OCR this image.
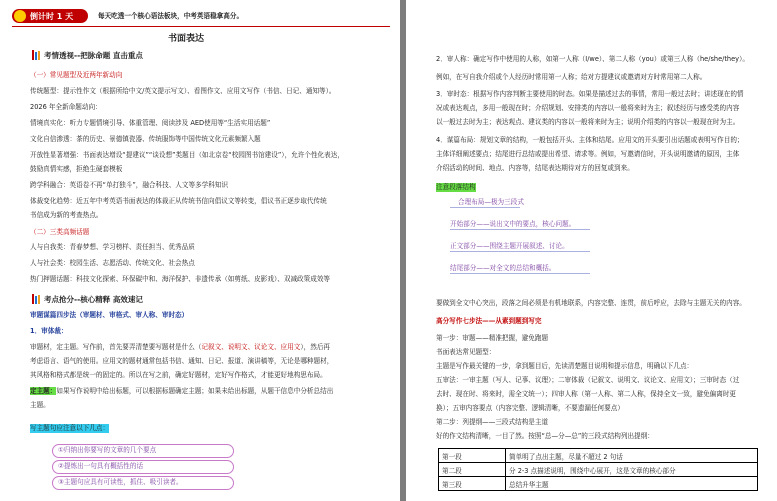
倒计时 1 天	每天吃透一个核心语法板块，中考英语稳拿高分。
书面表达
考情透视--把脉命题 直击重点
（一）常见题型及近两年新动向
传统题型：提示性作文（根据所给中文/英文提示写文）、看图作文、应用文写作（书信、日记、通知等）。
2026 年全新命题动向：
情境真实化：听力专题情境引导、体重管理、阅读涉及 AED使用等“生活实用话题”
文化自信渗透：茶的历史、景德镇瓷器、传统服饰等中国传统文化元素频繁入题
开放性显著增强：书面表达增设“提建议”“谈设想”类题目（如北京卷“校园图书馆建设”），允许个性化表达，
鼓励真情实感，拒绝生硬套模板
跨学科融合：英语卷不再“单打独斗”，融合科技、人文等多学科知识
体裁变化趋势：近五年中考英语书面表达的体裁正从传统书信向倡议文等转变，倡议书正逐步取代传统
书信成为新的考查热点。
（二）三类高频话题
人与自我类：青春梦想、学习榜样、责任担当、优秀品质
人与社会类：校园生活、志愿活动、传统文化、社会热点
热门押题话题：科技文化探索、环保碳中和、海洋保护、非遗传承（如剪纸、皮影戏）、双减政策成效等
考点抢分--核心精释 高效速记
审题谋篇四步法（审题材、审格式、审人称、审时态）
1．审体裁：
审题材，定主题。写作前，首先要弄清楚要写题材是什么（记叙文、说明文、议论文、应用文），然后再
考虑语言、语气的使用。应用文的题材通常包括书信、通知、日记、报道、演讲稿等，无论是哪种题材，
其风格和格式都是统一的固定的。所以在写之前，确定好题材，定好写作格式，才能更好地构思布局。
定主题：如果写作说明中给出标题，可以根据标题确定主题；如果未给出标题，从题干信息中分析总结出
主题。
写主题句应注意以下几点：
①归纳出你要写的文章的几个要点
②提炼出一句具有概括性的话
③主题句应具有可读性，抓住、吸引读者。
2．审人称：确定写作中使用的人称，如第一人称（I/we）、第二人称（you）或第三人称（he/she/they）。
例如，在写自我介绍或个人经历时常用第一人称；给对方提建议或邀请对方时常用第二人称。
3．审时态：根据写作内容判断主要使用的时态。如果是描述过去的事情，常用一般过去时；讲述现在的情
况或表达观点，多用一般现在时；介绍规划、安排类的内容以一般将来时为主；叙述经历与感受类的内容
以一般过去时为主；表达观点、建议类的内容以一般将来时为主；说明介绍类的内容以一般现在时为主。
4．谋篇布局：规划文章的结构，一般包括开头、主体和结尾。应用文的开头要引出话题或表明写作目的；
主体详细阐述要点；结尾进行总结或提出希望、请求等。例如，写邀请信时，开头说明邀请的原因，主体
介绍活动的时间、地点、内容等，结尾表达期待对方的回复或到来。
注意段落结构
合理布局—极为三段式
开始部分——说出文中的要点，核心问题。
正文部分——围绕主题开展叙述、讨论。
结尾部分——对全文的总结和概括。
要做到全文中心突出，段落之间必须是有机地联系，内容完整、连贯，前后呼应，去除与主题无关的内容。
高分写作七步法——从素到题到写完
第一步：审题——精准把握，避免跑题
书面表达常见题型：
主题是写作最关键的一步，拿到题目后，先读清楚题目说明和提示信息，明确以下几点：
五审法：一审主题（写人、记事、议理）；二审体裁（记叙文、说明文、议论文、应用文）；三审时态（过
去时、现在时、将来时，需全文统一）；四审人称（第一人称、第二人称，保持全文一致，避免偏离时更
换）；五审内容要点（内容完整、逻辑清晰，不要遗漏任何要点）
第二步：列提纲——三段式结构是主道
好的作文结构清晰，一目了然。按照“总—分—总”的三段式结构列出提纲：
第一段	简单明了点出主题，尽量不超过 2 句话
第二段	分 2-3 点描述说明，围绕中心展开，这是文章的核心部分
第三段	总结升华主题
